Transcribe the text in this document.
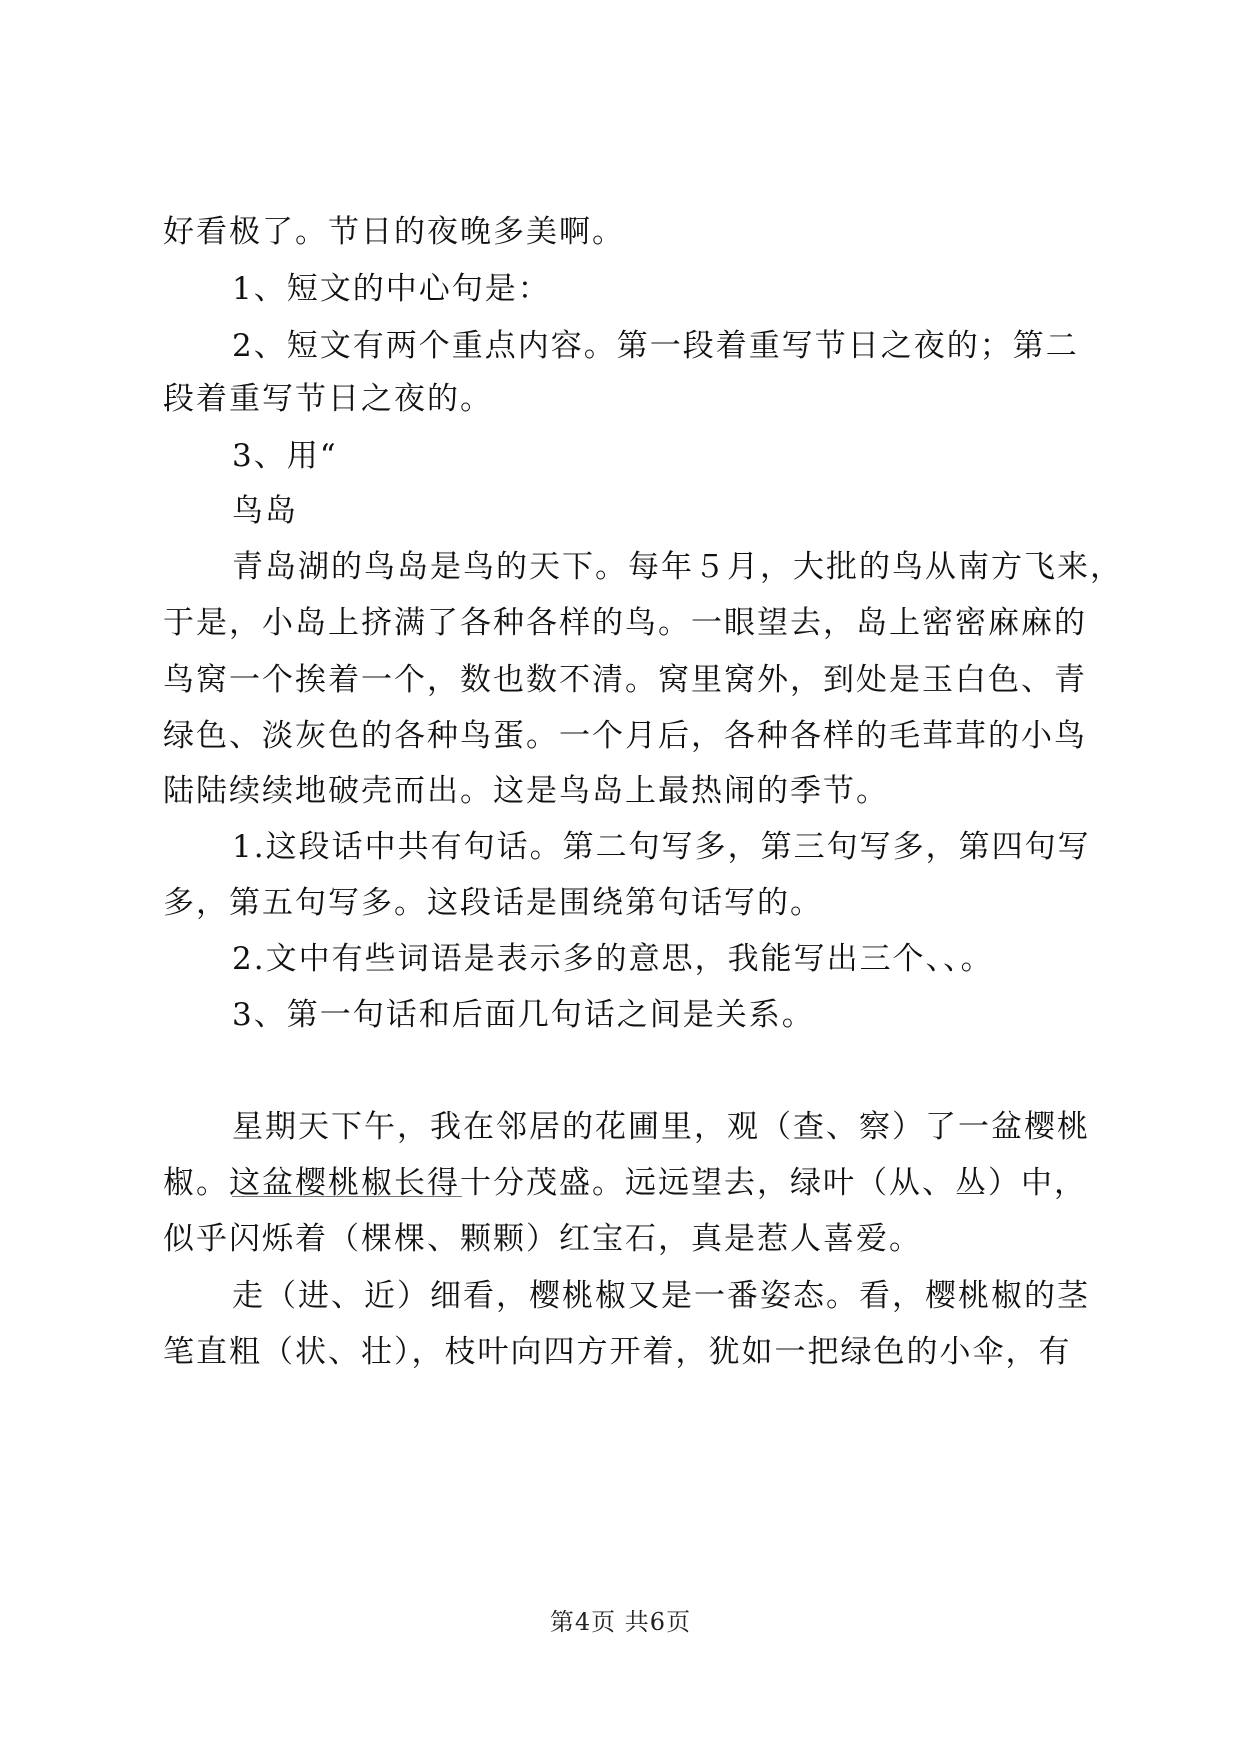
好看极了。节日的夜晚多美啊。
1、短文的中心句是：
2、短文有两个重点内容。第一段着重写节日之夜的；第二
段着重写节日之夜的。
3、用“
鸟岛
青岛湖的鸟岛是鸟的天下。每年５月，大批的鸟从南方飞来，
于是，小岛上挤满了各种各样的鸟。一眼望去，岛上密密麻麻的
鸟窝一个挨着一个，数也数不清。窝里窝外，到处是玉白色、青
绿色、淡灰色的各种鸟蛋。一个月后，各种各样的毛茸茸的小鸟
陆陆续续地破壳而出。这是鸟岛上最热闹的季节。
1.这段话中共有句话。第二句写多，第三句写多，第四句写
多，第五句写多。这段话是围绕第句话写的。
2.文中有些词语是表示多的意思，我能写出三个、、。
3、第一句话和后面几句话之间是关系。
星期天下午，我在邻居的花圃里，观（查、察）了一盆樱桃
椒。这盆樱桃椒长得十分茂盛。远远望去，绿叶（从、丛）中，
似乎闪烁着（棵棵、颗颗）红宝石，真是惹人喜爱。
走（进、近）细看，樱桃椒又是一番姿态。看，樱桃椒的茎
笔直粗（状、壮），枝叶向四方开着，犹如一把绿色的小伞，有
第4页 共6页
